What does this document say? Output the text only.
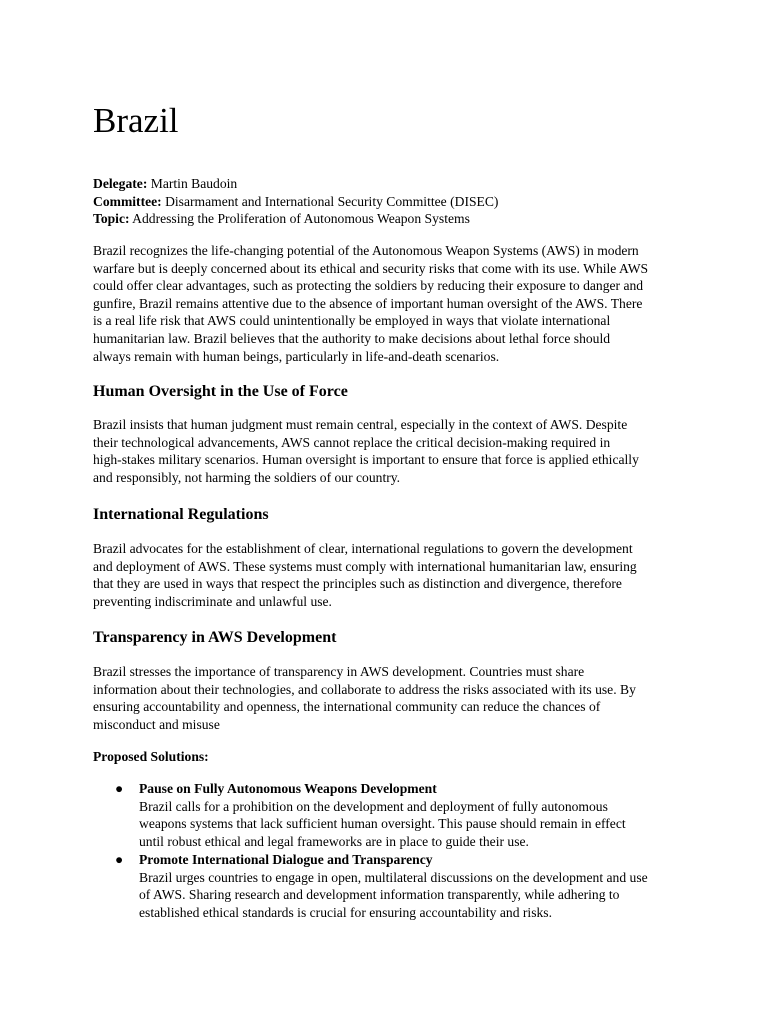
Brazil
Delegate: Martin Baudoin
Committee: Disarmament and International Security Committee (DISEC)
Topic: Addressing the Proliferation of Autonomous Weapon Systems

Brazil recognizes the life-changing potential of the Autonomous Weapon Systems (AWS) in modern
warfare but is deeply concerned about its ethical and security risks that come with its use. While AWS
could offer clear advantages, such as protecting the soldiers by reducing their exposure to danger and
gunfire, Brazil remains attentive due to the absence of important human oversight of the AWS. There
is a real life risk that AWS could unintentionally be employed in ways that violate international
humanitarian law. Brazil believes that the authority to make decisions about lethal force should
always remain with human beings, particularly in life-and-death scenarios.

Human Oversight in the Use of Force

Brazil insists that human judgment must remain central, especially in the context of AWS. Despite
their technological advancements, AWS cannot replace the critical decision-making required in
high-stakes military scenarios. Human oversight is important to ensure that force is applied ethically
and responsibly, not harming the soldiers of our country.

International Regulations

Brazil advocates for the establishment of clear, international regulations to govern the development
and deployment of AWS. These systems must comply with international humanitarian law, ensuring
that they are used in ways that respect the principles such as distinction and divergence, therefore
preventing indiscriminate and unlawful use.

Transparency in AWS Development

Brazil stresses the importance of transparency in AWS development. Countries must share
information about their technologies, and collaborate to address the risks associated with its use. By
ensuring accountability and openness, the international community can reduce the chances of
misconduct and misuse

Proposed Solutions:

● Pause on Fully Autonomous Weapons Development
Brazil calls for a prohibition on the development and deployment of fully autonomous
weapons systems that lack sufficient human oversight. This pause should remain in effect
until robust ethical and legal frameworks are in place to guide their use.
● Promote International Dialogue and Transparency
Brazil urges countries to engage in open, multilateral discussions on the development and use
of AWS. Sharing research and development information transparently, while adhering to
established ethical standards is crucial for ensuring accountability and risks.
